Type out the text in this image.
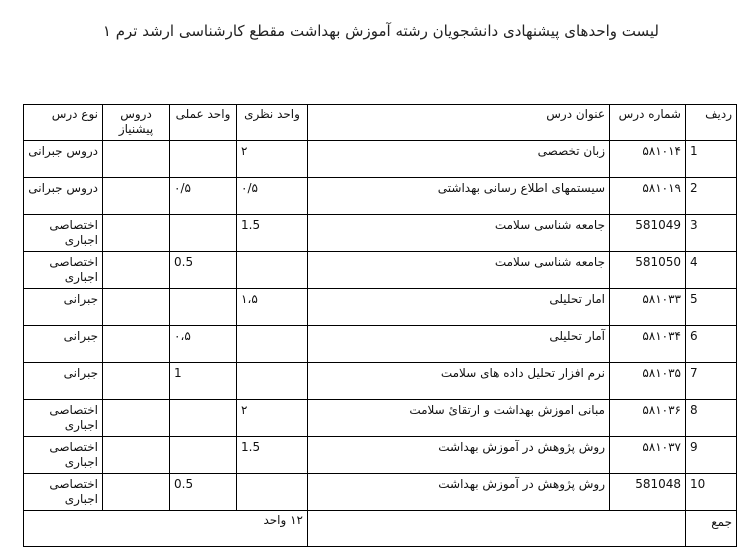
لیست واحدهای پیشنهادی دانشجویان رشته آموزش بهداشت مقطع کارشناسی ارشد ترم ۱
ردیف	شماره درس	عنوان درس	واحد نظری	واحد عملی	دروس پیشنیاز	نوع درس
1	۵۸۱۰۱۴	زبان تخصصی	۲			دروس جبرانی
2	۵۸۱۰۱۹	سیستمهای اطلاع رسانی بهداشتی	۰/۵	۰/۵		دروس جبرانی
3	581049	جامعه شناسی سلامت	1.5			اختصاصی اجباری
4	581050	جامعه شناسی سلامت		0.5		اختصاصی اجباری
5	۵۸۱۰۳۳	امار تحلیلی	۱،۵			جبرانی
6	۵۸۱۰۳۴	آمار تحلیلی		۰،۵		جبرانی
7	۵۸۱۰۳۵	نرم افزار تحلیل داده های سلامت		1		جبرانی
8	۵۸۱۰۳۶	مبانی اموزش بهداشت و ارتقائ سلامت	۲			اختصاصی اجباری
9	۵۸۱۰۳۷	روش پژوهش در آموزش بهداشت	1.5			اختصاصی اجباری
10	581048	روش پژوهش در آموزش بهداشت		0.5		اختصاصی اجباری
جمع			۱۲ واحد			
